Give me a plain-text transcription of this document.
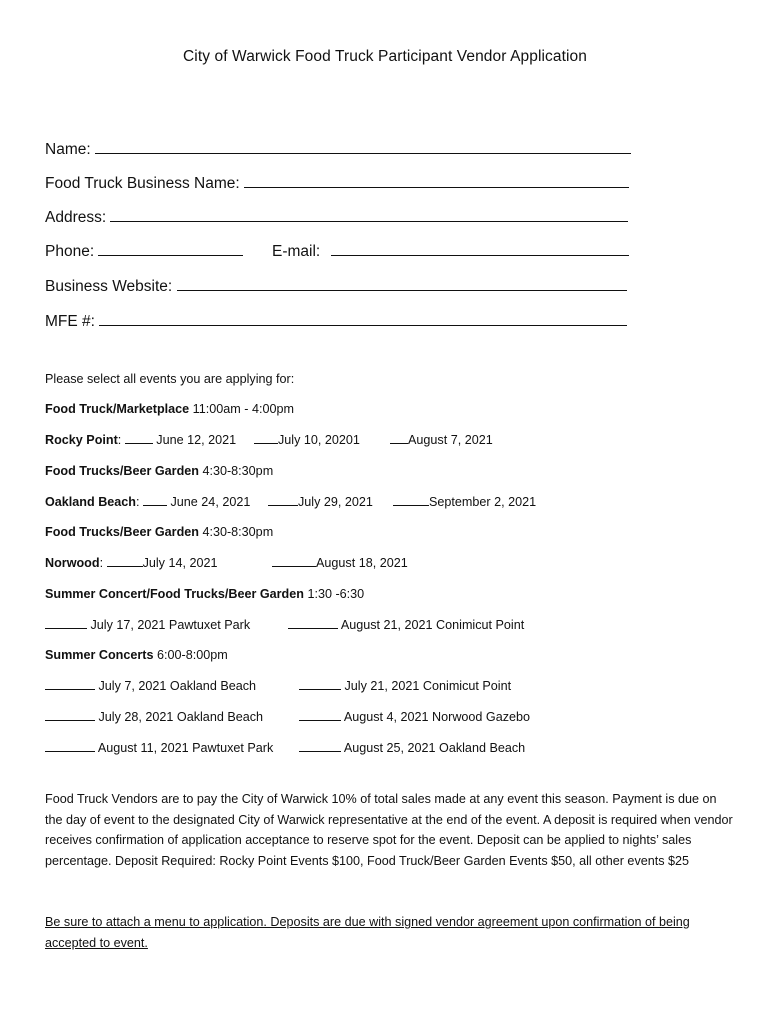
City of Warwick Food Truck Participant Vendor Application
Name:
Food Truck Business Name:
Address:
Phone:	E-mail:
Business Website:
MFE #:
Please select all events you are applying for:
Food Truck/Marketplace 11:00am - 4:00pm
Rocky Point:	June 12, 2021	July 10, 20201	August 7, 2021
Food Trucks/Beer Garden 4:30-8:30pm
Oakland Beach:  June 24, 2021	July 29, 2021	September 2, 2021
Food Trucks/Beer Garden 4:30-8:30pm
Norwood:	July 14, 2021	August 18, 2021
Summer Concert/Food Trucks/Beer Garden 1:30 -6:30
July 17, 2021 Pawtuxet Park	August 21, 2021 Conimicut Point
Summer Concerts 6:00-8:00pm
July 7, 2021 Oakland Beach	July 21, 2021 Conimicut Point
July 28, 2021 Oakland Beach	August 4, 2021 Norwood Gazebo
August 11, 2021 Pawtuxet Park	August 25, 2021 Oakland Beach
Food Truck Vendors are to pay the City of Warwick 10% of total sales made at any event this season. Payment is due on the day of event to the designated City of Warwick representative at the end of the event. A deposit is required when vendor receives confirmation of application acceptance to reserve spot for the event. Deposit can be applied to nights’ sales percentage. Deposit Required: Rocky Point Events $100, Food Truck/Beer Garden Events $50, all other events $25
Be sure to attach a menu to application. Deposits are due with signed vendor agreement upon confirmation of being accepted to event.
